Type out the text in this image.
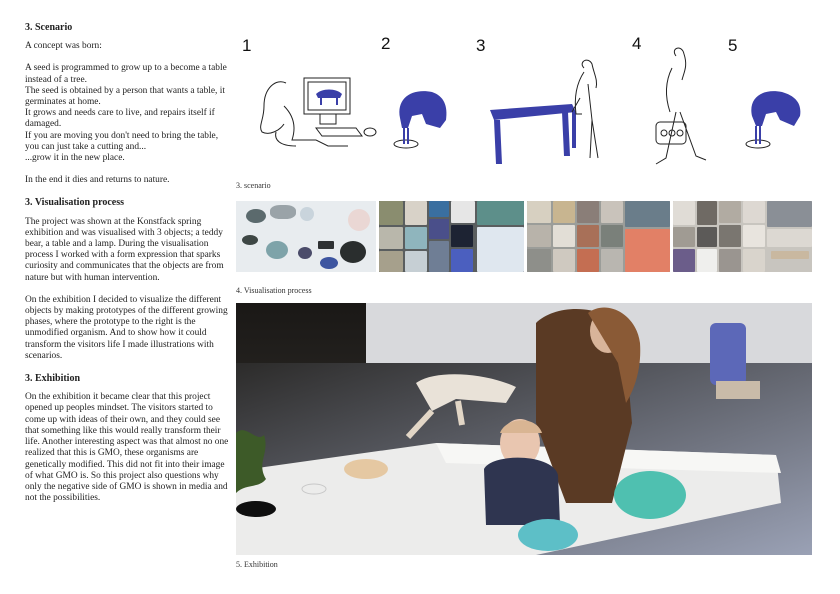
3. Scenario

A concept was born:

A seed is programmed to grow up to a become a table instead of a tree.
The seed is obtained by a person that wants a table, it germinates at home.
It grows and needs care to live, and repairs itself if damaged.
If you are moving you don't need to bring the table, you can just take a cutting and...
...grow it in the new place.

In the end it dies and returns to nature.

3. Visualisation process

The project was shown at the Konstfack spring exhibition and was visualised with 3 objects; a teddy bear, a table and a lamp. During the visualisation process I worked with a form expression that sparks curiosity and communicates that the objects are from nature but with human intervention.

On the exhibition I decided to visualize the different objects by making prototypes of the different growing phases, where the prototype to the right is the unmodified organism. And to show how it could transform the visitors life I made illustrations with scenarios.

3. Exhibition

On the exhibition it became clear that this project opened up peoples mindset. The visitors started to come up with ideas of their own, and they could see that something like this would really transform their life. Another interesting aspect was that almost no one realized that this is GMO, these organisms are genetically modified. This did not fit into their image of what GMO is. So this project also questions why only the negative side of GMO is shown in media and not the possibilities.

1	2	3	4	5
3. scenario
4. Visualisation process
5. Exhibition
